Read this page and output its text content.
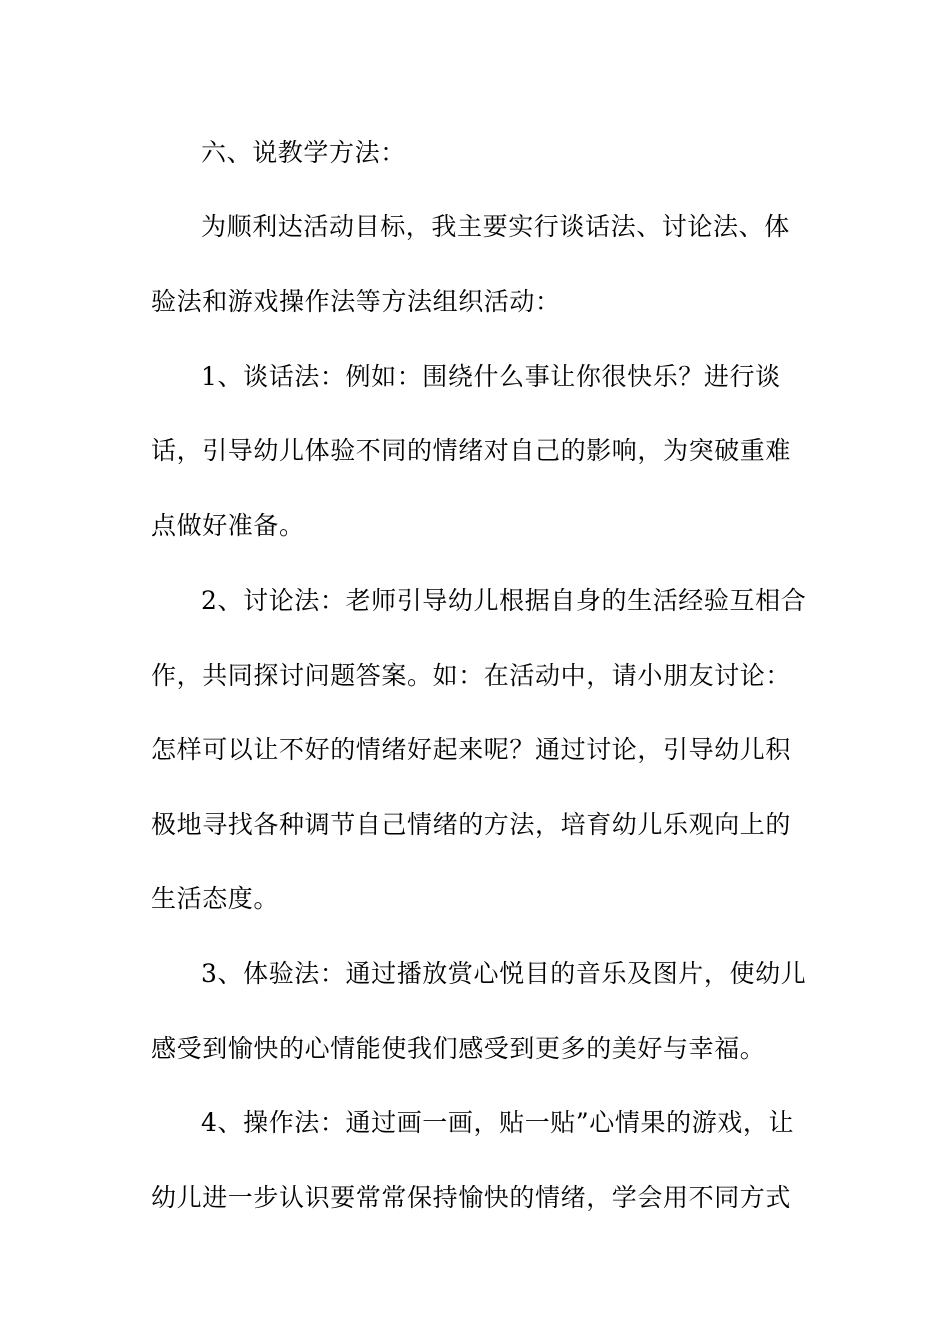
六、说教学方法：
为顺利达活动目标，我主要实行谈话法、讨论法、体
验法和游戏操作法等方法组织活动：
1、谈话法：例如：围绕什么事让你很快乐？进行谈
话，引导幼儿体验不同的情绪对自己的影响，为突破重难
点做好准备。
2、讨论法：老师引导幼儿根据自身的生活经验互相合
作，共同探讨问题答案。如：在活动中，请小朋友讨论：
怎样可以让不好的情绪好起来呢？通过讨论，引导幼儿积
极地寻找各种调节自己情绪的方法，培育幼儿乐观向上的
生活态度。
3、体验法：通过播放赏心悦目的音乐及图片，使幼儿
感受到愉快的心情能使我们感受到更多的美好与幸福。
4、操作法：通过画一画，贴一贴”心情果的游戏，让
幼儿进一步认识要常常保持愉快的情绪，学会用不同方式
